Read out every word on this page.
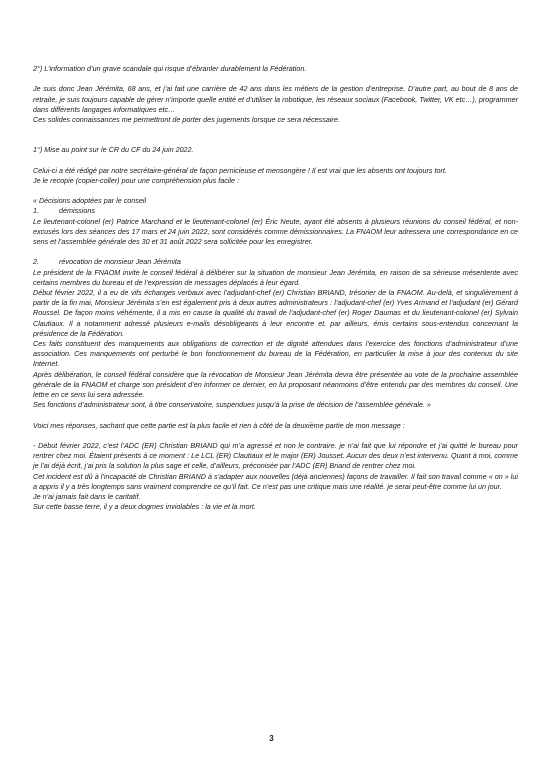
2°) L’information d’un grave scandale qui risque d’ébranler durablement la Fédération.

Je suis donc Jean Jérémita, 68 ans, et j’ai fait une carrière de 42 ans dans les métiers de la gestion d’entreprise. D’autre part, au bout de 8 ans de retraite, je suis toujours capable de gérer n’importe quelle entité et d’utiliser la robotique, les réseaux sociaux (Facebook, Twitter, VK etc…), programmer dans différents langages informatiques etc…

Ces solides connaissances me permettront de porter des jugements lorsque ce sera nécessaire.

1°) Mise au point sur le CR du CF du 24 juin 2022.

Celui-ci a été rédigé par notre secrétaire-général de façon pernicieuse et mensongère ! Il est vrai que les absents ont toujours tort.

Je le recopie (copier-coller) pour une compréhension plus facile :

« Décisions adoptées par le conseil

1.	démissions

Le lieutenant-colonel (er) Patrice Marchand et le lieutenant-colonel (er) Éric Neute, ayant été absents à plusieurs réunions du conseil fédéral, et non-excusés lors des séances des 17 mars et 24 juin 2022, sont considérés comme démissionnaires. La FNAOM leur adressera une correspondance en ce sens et l’assemblée générale des 30 et 31 août 2022 sera sollicitée pour les enregistrer.

2.	révocation de monsieur Jean Jérémita

Le président de la FNAOM invite le conseil fédéral à délibérer sur la situation de monsieur Jean Jérémita, en raison de sa sérieuse mésentente avec certains membres du bureau et de l’expression de messages déplacés à leur égard.

Début février 2022, il a eu de vifs échanges verbaux avec l’adjudant-chef (er) Christian BRIAND, trésorier de la FNAOM. Au-delà, et singulièrement à partir de la fin mai, Monsieur Jérémita s’en est également pris à deux autres administrateurs : l’adjudant-chef (er) Yves Armand et l’adjudant (er) Gérard Roussel. De façon moins véhémente, il a mis en cause la qualité du travail de l’adjudant-chef (er) Roger Daumas et du lieutenant-colonel (er) Sylvain Clautiaux. Il a notamment adressé plusieurs e-mails désobligeants à leur encontre et, par ailleurs, émis certains sous-entendus concernant la présidence de la Fédération.

Ces faits constituent des manquements aux obligations de correction et de dignité attendues dans l’exercice des fonctions d’administrateur d’une association. Ces manquements ont perturbé le bon fonctionnement du bureau de la Fédération, en particulier la mise à jour des contenus du site Internet.

Après délibération, le conseil fédéral considère que la révocation de Monsieur Jean Jérémita devra être présentée au vote de la prochaine assemblée générale de la FNAOM et charge son président d’en informer ce dernier, en lui proposant néanmoins d’être entendu par des membres du conseil. Une lettre en ce sens lui sera adressée.

Ses fonctions d’administrateur sont, à titre conservatoire, suspendues jusqu’à la prise de décision de l’assemblée générale. »

Voici mes réponses, sachant que cette partie est la plus facile et rien à côté de la deuxième partie de mon message :

- Début février 2022, c’est l’ADC (ER) Christian BRIAND qui m’a agressé et non le contraire. je n’ai fait que lui répondre et j’ai quitté le bureau pour rentrer chez moi. Étaient présents à ce moment : Le LCL (ER) Clautiaux et le major (ER) Jousset. Aucun des deux n’est intervenu. Quant à moi, comme je l’ai déjà écrit, j’ai pris la solution la plus sage et celle, d’ailleurs, préconisée par l’ADC (ER) Briand de rentrer chez moi.

Cet incident est dû à l’incapacité de Christian BRIAND à s’adapter aux nouvelles (déjà anciennes) façons de travailler. Il fait son travail comme « on » lui a appris il y a très longtemps sans vraiment comprendre ce qu’il fait. Ce n’est pas une critique mais une réalité. je serai peut-être comme lui un jour.

Je n’ai jamais fait dans le caritatif.

Sur cette basse terre, il y a deux dogmes inviolables : la vie et la mort.

3
